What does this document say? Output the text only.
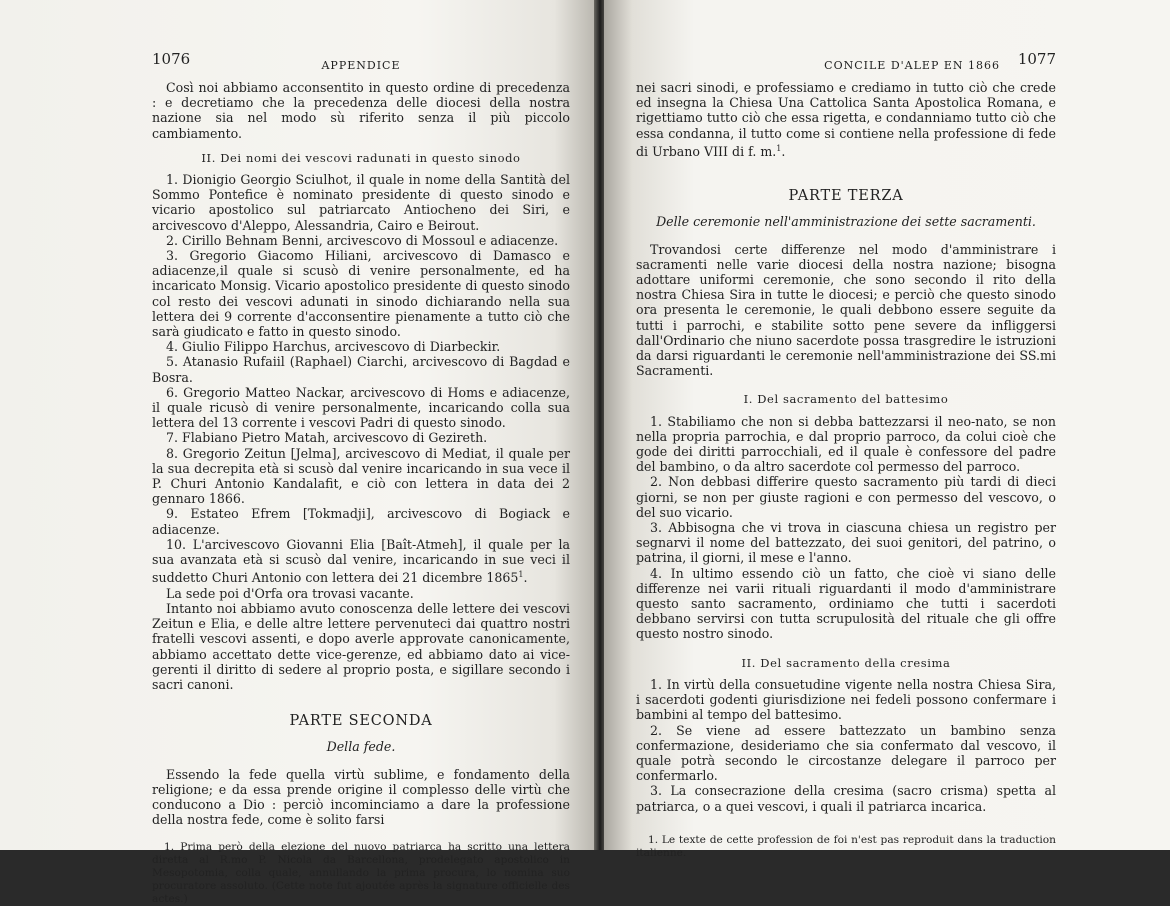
1076	APPENDICE

Così noi abbiamo acconsentito in questo ordine di precedenza : e decretiamo che la precedenza delle diocesi della nostra nazione sia nel modo sù riferito senza il più piccolo cambiamento.

II. Dei nomi dei vescovi radunati in questo sinodo

1. Dionigio Georgio Sciulhot, il quale in nome della Santità del Sommo Pontefice è nominato presidente di questo sinodo e vicario apostolico sul patriarcato Antiocheno dei Siri, e arcivescovo d'Aleppo, Alessandria, Cairo e Beirout.

2. Cirillo Behnam Benni, arcivescovo di Mossoul e adiacenze.

3. Gregorio Giacomo Hiliani, arcivescovo di Damasco e adiacenze,il quale si scusò di venire personalmente, ed ha incaricato Monsig. Vicario apostolico presidente di questo sinodo col resto dei vescovi adunati in sinodo dichiarando nella sua lettera dei 9 corrente d'acconsentire pienamente a tutto ciò che sarà giudicato e fatto in questo sinodo.

4. Giulio Filippo Harchus, arcivescovo di Diarbeckir.

5. Atanasio Rufaiil (Raphael) Ciarchi, arcivescovo di Bagdad e Bosra.

6. Gregorio Matteo Nackar, arcivescovo di Homs e adiacenze, il quale ricusò di venire personalmente, incaricando colla sua lettera del 13 corrente i vescovi Padri di questo sinodo.

7. Flabiano Pietro Matah, arcivescovo di Gezireth.

8. Gregorio Zeitun [Jelma], arcivescovo di Mediat, il quale per la sua decrepita età si scusò dal venire incaricando in sua vece il P. Churi Antonio Kandalafit, e ciò con lettera in data dei 2 gennaro 1866.

9. Estateo Efrem [Tokmadji], arcivescovo di Bogiack e adiacenze.

10. L'arcivescovo Giovanni Elia [Baît-Atmeh], il quale per la sua avanzata età si scusò dal venire, incaricando in sue veci il suddetto Churi Antonio con lettera dei 21 dicembre 1865$^1$.

La sede poi d'Orfa ora trovasi vacante.

Intanto noi abbiamo avuto conoscenza delle lettere dei vescovi Zeitun e Elia, e delle altre lettere pervenuteci dai quattro nostri fratelli vescovi assenti, e dopo averle approvate canonicamente, abbiamo accettato dette vice-gerenze, ed abbiamo dato ai vice-gerenti il diritto di sedere al proprio posta, e sigillare secondo i sacri canoni.

PARTE SECONDA
Della fede.

Essendo la fede quella virtù sublime, e fondamento della religione; e da essa prende origine il complesso delle virtù che conducono a Dio : perciò incominciamo a dare la professione della nostra fede, come è solito farsi

1. Prima però della elezione del nuovo patriarca ha scritto una lettera diretta al R.mo P. Nicola da Barcellona, prodelegato apostolico in Mesopotomia, colla quale, annullando la prima procura, lo nomina suo procuratore assoluto. (Cette note fut ajoutée après la signature officielle des actes.)

CONCILE D'ALEP EN 1866 1077

nei sacri sinodi, e professiamo e crediamo in tutto ciò che crede ed insegna la Chiesa Una Cattolica Santa Apostolica Romana, e rigettiamo tutto ciò che essa rigetta, e condanniamo tutto ciò che essa condanna, il tutto come si contiene nella professione di fede di Urbano VIII di f. m.$^1$.

PARTE TERZA
Delle ceremonie nell'amministrazione dei sette sacramenti.

Trovandosi certe differenze nel modo d'amministrare i sacramenti nelle varie diocesi della nostra nazione; bisogna adottare uniformi ceremonie, che sono secondo il rito della nostra Chiesa Sira in tutte le diocesi; e perciò che questo sinodo ora presenta le ceremonie, le quali debbono essere seguite da tutti i parrochi, e stabilite sotto pene severe da infliggersi dall'Ordinario che niuno sacerdote possa trasgredire le istruzioni da darsi riguardanti le ceremonie nell'amministrazione dei SS.mi Sacramenti.

I. Del sacramento del battesimo

1. Stabiliamo che non si debba battezzarsi il neo-nato, se non nella propria parrochia, e dal proprio parroco, da colui cioè che gode dei diritti parrocchiali, ed il quale è confessore del padre del bambino, o da altro sacerdote col permesso del parroco.

2. Non debbasi differire questo sacramento più tardi di dieci giorni, se non per giuste ragioni e con permesso del vescovo, o del suo vicario.

3. Abbisogna che vi trova in ciascuna chiesa un registro per segnarvi il nome del battezzato, dei suoi genitori, del patrino, o patrina, il giorni, il mese e l'anno.

4. In ultimo essendo ciò un fatto, che cioè vi siano delle differenze nei varii rituali riguardanti il modo d'amministrare questo santo sacramento, ordiniamo che tutti i sacerdoti debbano servirsi con tutta scrupulosità del rituale che gli offre questo nostro sinodo.

II. Del sacramento della cresima

1. In virtù della consuetudine vigente nella nostra Chiesa Sira, i sacerdoti godenti giurisdizione nei fedeli possono confermare i bambini al tempo del battesimo.

2. Se viene ad essere battezzato un bambino senza confermazione, desideriamo che sia confermato dal vescovo, il quale potrà secondo le circostanze delegare il parroco per confermarlo.

3. La consecrazione della cresima (sacro crisma) spetta al patriarca, o a quei vescovi, i quali il patriarca incarica.

1. Le texte de cette profession de foi n'est pas reproduit dans la traduction italienne.
